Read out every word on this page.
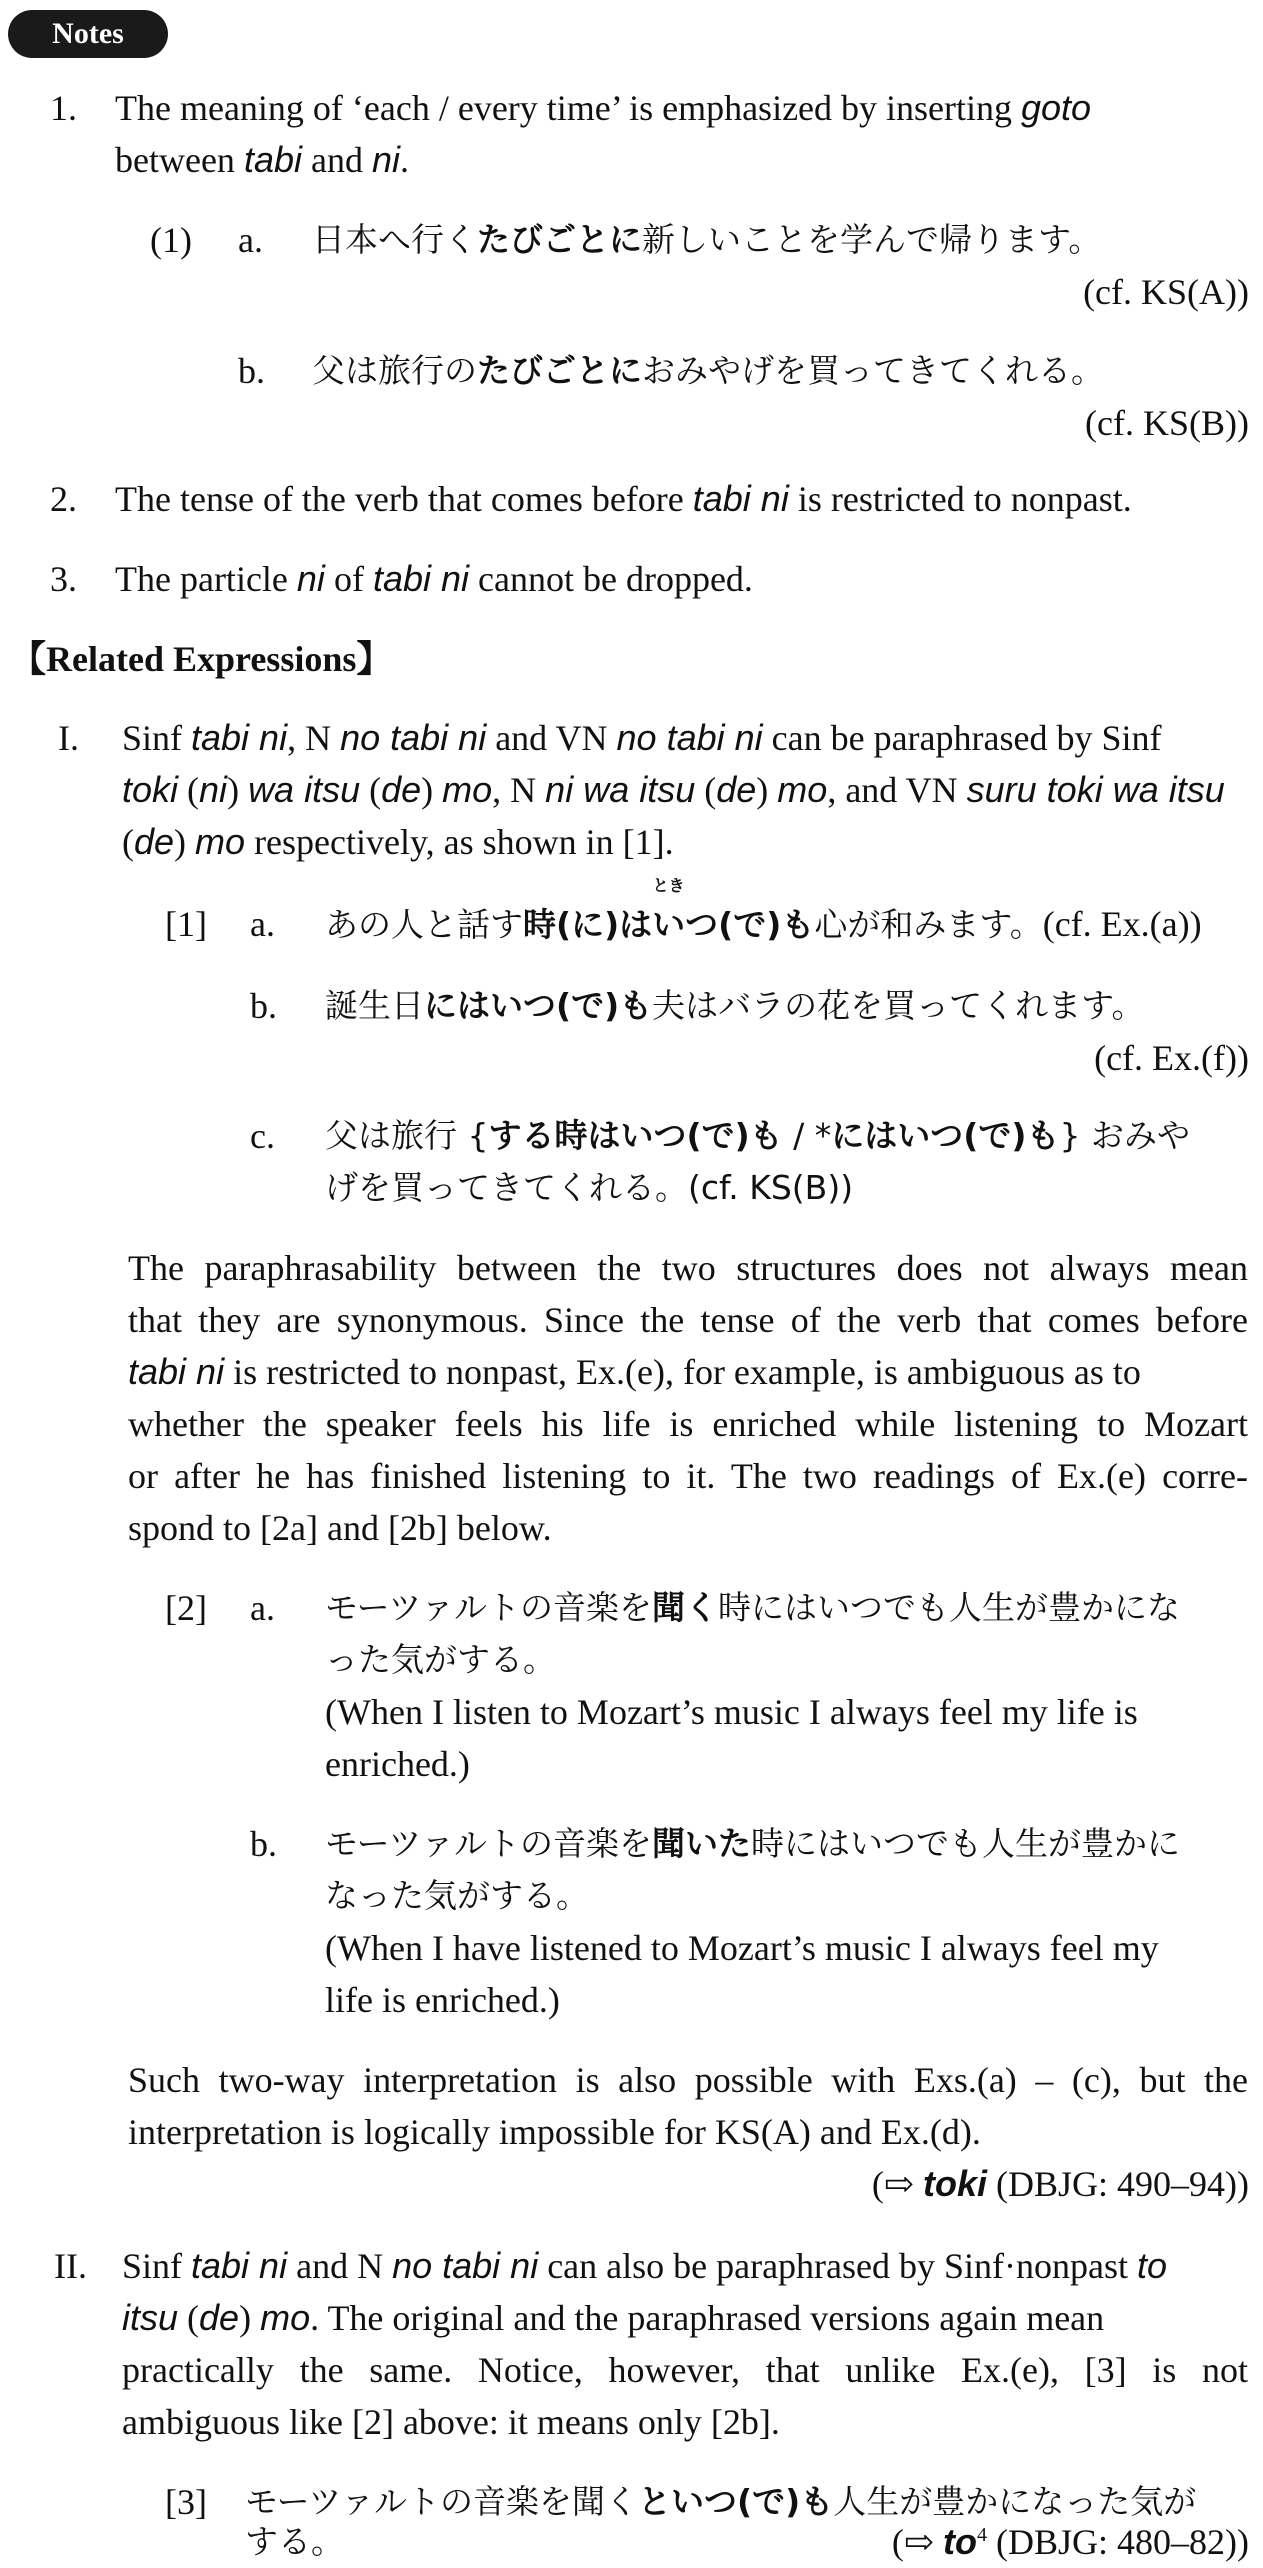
Notes
1. The meaning of ‘each / every time’ is emphasized by inserting goto
between tabi and ni.
(1) a. 日本へ行くたびごとに新しいことを学んで帰ります。
(cf. KS(A))
b. 父は旅行のたびごとにおみやげを買ってきてくれる。
(cf. KS(B))
2. The tense of the verb that comes before tabi ni is restricted to nonpast.
3. The particle ni of tabi ni cannot be dropped.
【Related Expressions】
I. Sinf tabi ni, N no tabi ni and VN no tabi ni can be paraphrased by Sinf
toki (ni) wa itsu (de) mo, N ni wa itsu (de) mo, and VN suru toki wa itsu
(de) mo respectively, as shown in [1].
[1] a. あの人と話す
とき
時(に)はいつ(で)も心が和みます。(cf. Ex.(a))
b. 誕生日にはいつ(で)も夫はバラの花を買ってくれます。
(cf. Ex.(f))
c. 父は旅行 {する時はいつ(で)も / *にはいつ(で)も} おみや
げを買ってきてくれる。(cf. KS(B))
The paraphrasability between the two structures does not always mean
that they are synonymous. Since the tense of the verb that comes before
tabi ni is restricted to nonpast, Ex.(e), for example, is ambiguous as to
whether the speaker feels his life is enriched while listening to Mozart
or after he has finished listening to it. The two readings of Ex.(e) corre-
spond to [2a] and [2b] below.
[2] a. モーツァルトの音楽を聞く時にはいつでも人生が豊かにな
った気がする。
(When I listen to Mozart’s music I always feel my life is
enriched.)
b. モーツァルトの音楽を聞いた時にはいつでも人生が豊かに
なった気がする。
(When I have listened to Mozart’s music I always feel my
life is enriched.)
Such two-way interpretation is also possible with Exs.(a) – (c), but the
interpretation is logically impossible for KS(A) and Ex.(d).
(⇨ toki (DBJG: 490–94))
II. Sinf tabi ni and N no tabi ni can also be paraphrased by Sinf·nonpast to
itsu (de) mo. The original and the paraphrased versions again mean
practically the same. Notice, however, that unlike Ex.(e), [3] is not
ambiguous like [2] above: it means only [2b].
[3] モーツァルトの音楽を聞くといつ(で)も人生が豊かになった気が
する。	(⇨ $to^4$ (DBJG: 480–82))
